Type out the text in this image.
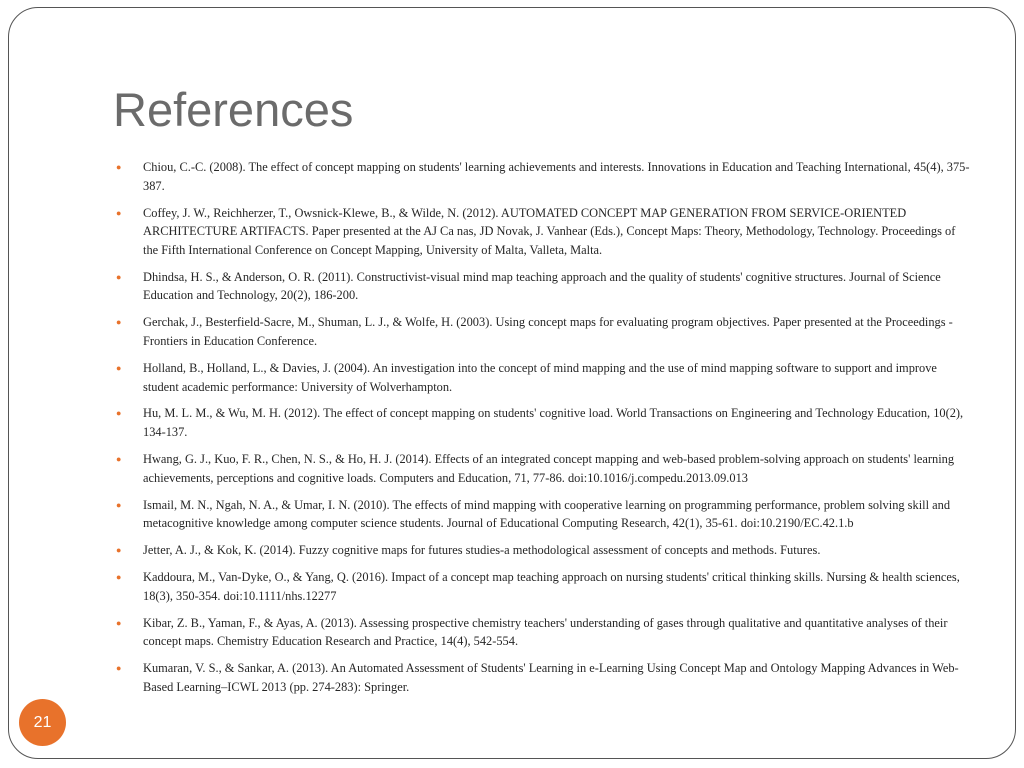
References
● Chiou, C.-C. (2008). The effect of concept mapping on students' learning achievements and interests. Innovations in Education and Teaching International, 45(4), 375-387.
● Coffey, J. W., Reichherzer, T., Owsnick-Klewe, B., & Wilde, N. (2012). AUTOMATED CONCEPT MAP GENERATION FROM SERVICE-ORIENTED ARCHITECTURE ARTIFACTS. Paper presented at the AJ Ca nas, JD Novak, J. Vanhear (Eds.), Concept Maps: Theory, Methodology, Technology. Proceedings of the Fifth International Conference on Concept Mapping, University of Malta, Valleta, Malta.
● Dhindsa, H. S., & Anderson, O. R. (2011). Constructivist-visual mind map teaching approach and the quality of students' cognitive structures. Journal of Science Education and Technology, 20(2), 186-200.
● Gerchak, J., Besterfield-Sacre, M., Shuman, L. J., & Wolfe, H. (2003). Using concept maps for evaluating program objectives. Paper presented at the Proceedings - Frontiers in Education Conference.
● Holland, B., Holland, L., & Davies, J. (2004). An investigation into the concept of mind mapping and the use of mind mapping software to support and improve student academic performance: University of Wolverhampton.
● Hu, M. L. M., & Wu, M. H. (2012). The effect of concept mapping on students' cognitive load. World Transactions on Engineering and Technology Education, 10(2), 134-137.
● Hwang, G. J., Kuo, F. R., Chen, N. S., & Ho, H. J. (2014). Effects of an integrated concept mapping and web-based problem-solving approach on students' learning achievements, perceptions and cognitive loads. Computers and Education, 71, 77-86. doi:10.1016/j.compedu.2013.09.013
● Ismail, M. N., Ngah, N. A., & Umar, I. N. (2010). The effects of mind mapping with cooperative learning on programming performance, problem solving skill and metacognitive knowledge among computer science students. Journal of Educational Computing Research, 42(1), 35-61. doi:10.2190/EC.42.1.b
● Jetter, A. J., & Kok, K. (2014). Fuzzy cognitive maps for futures studies-a methodological assessment of concepts and methods. Futures.
● Kaddoura, M., Van-Dyke, O., & Yang, Q. (2016). Impact of a concept map teaching approach on nursing students' critical thinking skills. Nursing & health sciences, 18(3), 350-354. doi:10.1111/nhs.12277
● Kibar, Z. B., Yaman, F., & Ayas, A. (2013). Assessing prospective chemistry teachers' understanding of gases through qualitative and quantitative analyses of their concept maps. Chemistry Education Research and Practice, 14(4), 542-554.
● Kumaran, V. S., & Sankar, A. (2013). An Automated Assessment of Students' Learning in e-Learning Using Concept Map and Ontology Mapping Advances in Web-Based Learning–ICWL 2013 (pp. 274-283): Springer.
21
